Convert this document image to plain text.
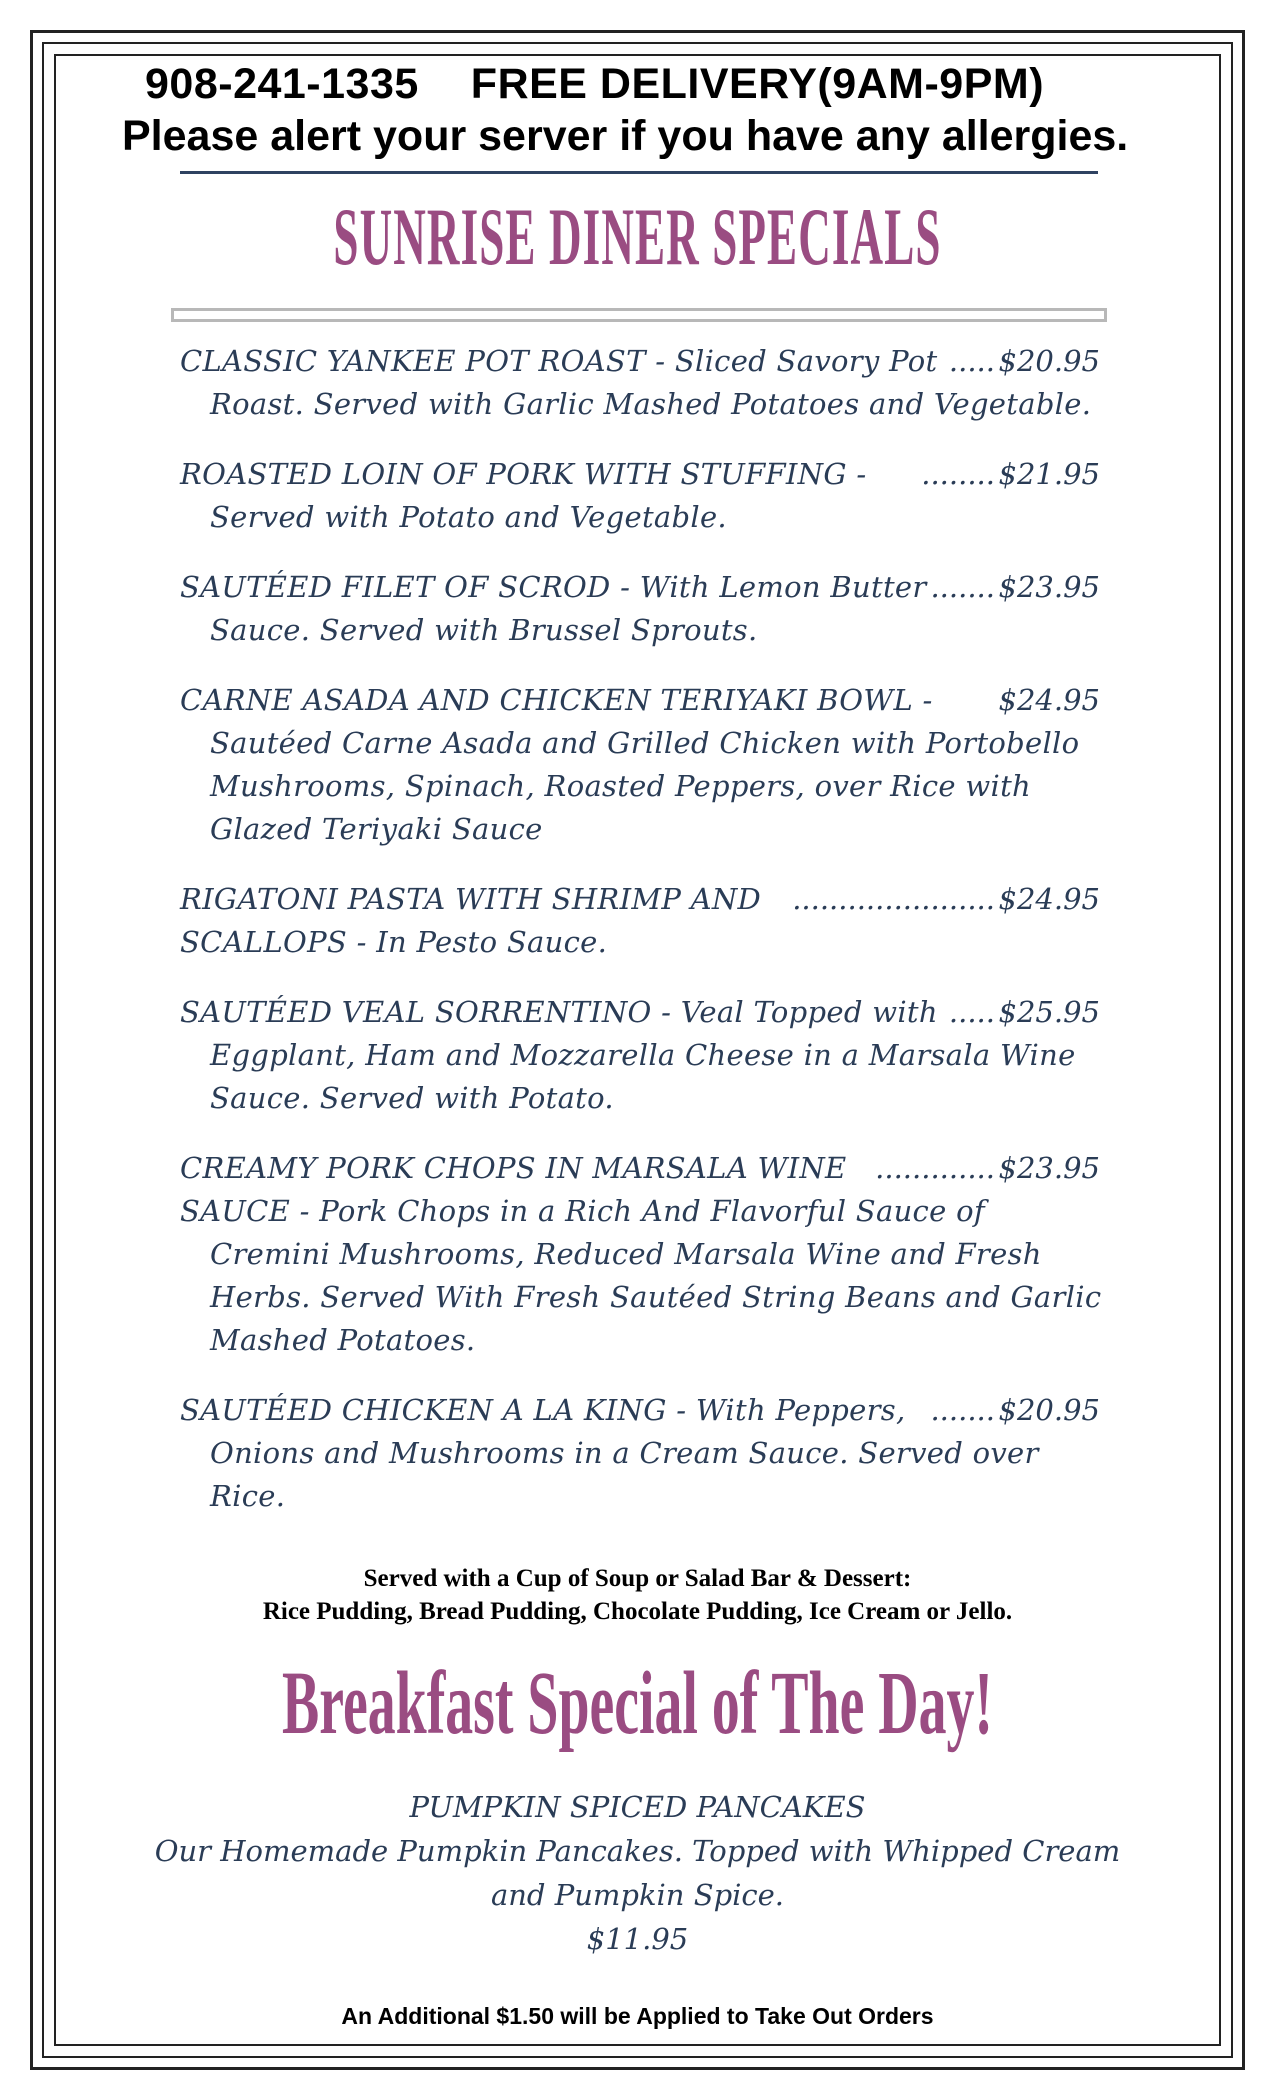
908-241-1335 FREE DELIVERY(9AM-9PM)
Please alert your server if you have any allergies.
SUNRISE DINER SPECIALS
CLASSIC YANKEE POT ROAST - Sliced Savory Pot ..... $20.95
Roast. Served with Garlic Mashed Potatoes and Vegetable.
ROASTED LOIN OF PORK WITH STUFFING - ........ $21.95
Served with Potato and Vegetable.
SAUTÉED FILET OF SCROD - With Lemon Butter ....... $23.95
Sauce. Served with Brussel Sprouts.
CARNE ASADA AND CHICKEN TERIYAKI BOWL - $24.95
Sautéed Carne Asada and Grilled Chicken with Portobello
Mushrooms, Spinach, Roasted Peppers, over Rice with
Glazed Teriyaki Sauce
RIGATONI PASTA WITH SHRIMP AND ...................... $24.95
SCALLOPS - In Pesto Sauce.
SAUTÉED VEAL SORRENTINO - Veal Topped with ..... $25.95
Eggplant, Ham and Mozzarella Cheese in a Marsala Wine
Sauce. Served with Potato.
CREAMY PORK CHOPS IN MARSALA WINE ............. $23.95
SAUCE - Pork Chops in a Rich And Flavorful Sauce of
Cremini Mushrooms, Reduced Marsala Wine and Fresh
Herbs. Served With Fresh Sautéed String Beans and Garlic
Mashed Potatoes.
SAUTÉED CHICKEN A LA KING - With Peppers, ....... $20.95
Onions and Mushrooms in a Cream Sauce. Served over
Rice.
Served with a Cup of Soup or Salad Bar & Dessert:
Rice Pudding, Bread Pudding, Chocolate Pudding, Ice Cream or Jello.
Breakfast Special of The Day!
PUMPKIN SPICED PANCAKES
Our Homemade Pumpkin Pancakes. Topped with Whipped Cream
and Pumpkin Spice.
$11.95
An Additional $1.50 will be Applied to Take Out Orders
